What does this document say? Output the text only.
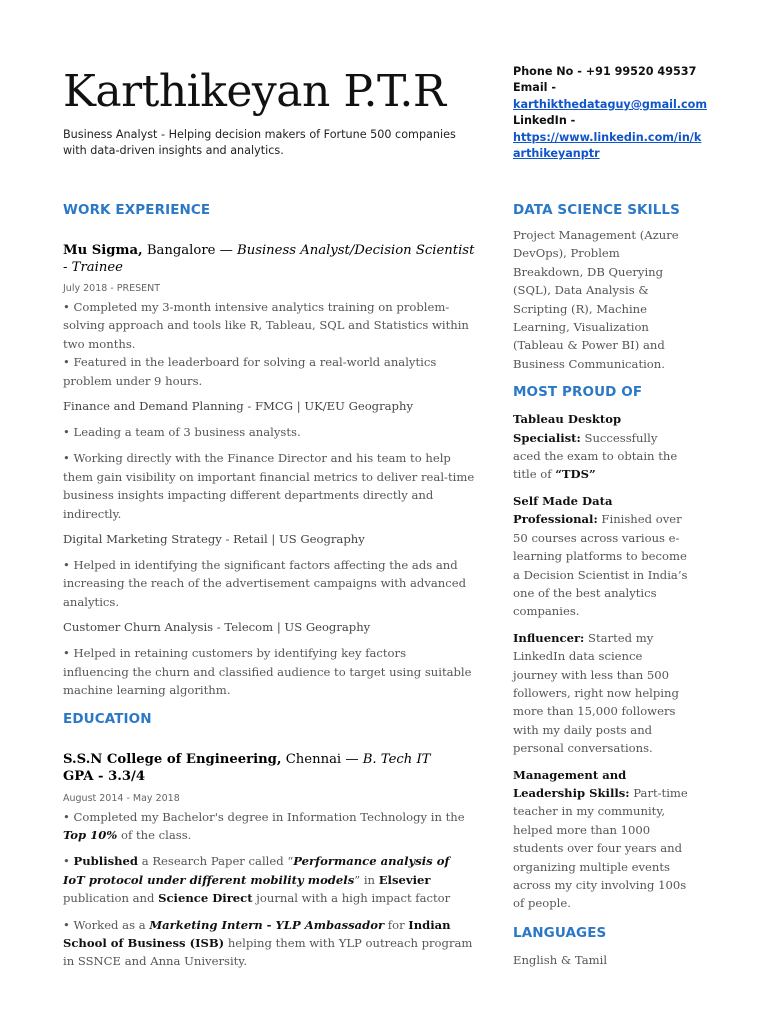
Karthikeyan P.T.R
Business Analyst - Helping decision makers of Fortune 500 companies with data-driven insights and analytics.
Phone No - +91 99520 49537
Email -
karthikthedataguy@gmail.com
LinkedIn -
https://www.linkedin.com/in/karthikeyanptr
WORK EXPERIENCE
Mu Sigma, Bangalore — Business Analyst/Decision Scientist - Trainee
July 2018 - PRESENT
• Completed my 3-month intensive analytics training on problem-solving approach and tools like R, Tableau, SQL and Statistics within two months.
• Featured in the leaderboard for solving a real-world analytics problem under 9 hours.
Finance and Demand Planning - FMCG | UK/EU Geography
• Leading a team of 3 business analysts.
• Working directly with the Finance Director and his team to help them gain visibility on important financial metrics to deliver real-time business insights impacting different departments directly and indirectly.
Digital Marketing Strategy - Retail | US Geography
• Helped in identifying the significant factors affecting the ads and increasing the reach of the advertisement campaigns with advanced analytics.
Customer Churn Analysis - Telecom | US Geography
• Helped in retaining customers by identifying key factors influencing the churn and classified audience to target using suitable machine learning algorithm.
EDUCATION
S.S.N College of Engineering, Chennai — B. Tech IT
GPA - 3.3/4
August 2014 - May 2018
• Completed my Bachelor's degree in Information Technology in the Top 10% of the class.
• Published a Research Paper called “Performance analysis of IoT protocol under different mobility models” in Elsevier publication and Science Direct journal with a high impact factor
• Worked as a Marketing Intern - YLP Ambassador for Indian School of Business (ISB) helping them with YLP outreach program in SSNCE and Anna University.
DATA SCIENCE SKILLS
Project Management (Azure DevOps), Problem Breakdown, DB Querying (SQL), Data Analysis & Scripting (R), Machine Learning, Visualization (Tableau & Power BI) and Business Communication.
MOST PROUD OF
Tableau Desktop Specialist: Successfully aced the exam to obtain the title of “TDS”
Self Made Data Professional: Finished over 50 courses across various e-learning platforms to become a Decision Scientist in India’s one of the best analytics companies.
Influencer: Started my LinkedIn data science journey with less than 500 followers, right now helping more than 15,000 followers with my daily posts and personal conversations.
Management and Leadership Skills: Part-time teacher in my community, helped more than 1000 students over four years and organizing multiple events across my city involving 100s of people.
LANGUAGES
English & Tamil
